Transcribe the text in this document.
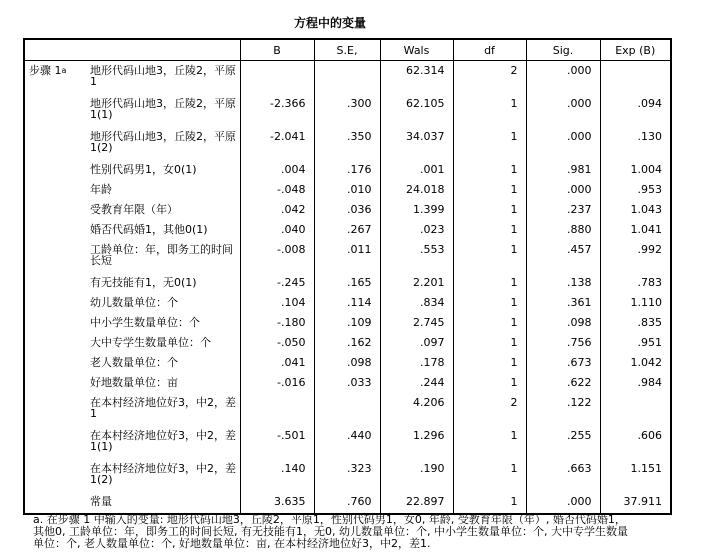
方程中的变量
		B	S.E,	Wals	df	Sig.	Exp (B)
步骤 1$^a$	地形代码山地3，丘陵2，平原1			62.314	2	.000	
	地形代码山地3，丘陵2，平原1(1)	-2.366	.300	62.105	1	.000	.094
	地形代码山地3，丘陵2，平原1(2)	-2.041	.350	34.037	1	.000	.130
	性别代码男1，女0(1)	.004	.176	.001	1	.981	1.004
	年龄	-.048	.010	24.018	1	.000	.953
	受教育年限（年）	.042	.036	1.399	1	.237	1.043
	婚否代码婚1，其他0(1)	.040	.267	.023	1	.880	1.041
	工龄单位：年，即务工的时间长短	-.008	.011	.553	1	.457	.992
	有无技能有1，无0(1)	-.245	.165	2.201	1	.138	.783
	幼儿数量单位：个	.104	.114	.834	1	.361	1.110
	中小学生数量单位：个	-.180	.109	2.745	1	.098	.835
	大中专学生数量单位：个	-.050	.162	.097	1	.756	.951
	老人数量单位：个	.041	.098	.178	1	.673	1.042
	好地数量单位：亩	-.016	.033	.244	1	.622	.984
	在本村经济地位好3，中2，差1			4.206	2	.122	
	在本村经济地位好3，中2，差1(1)	-.501	.440	1.296	1	.255	.606
	在本村经济地位好3，中2，差1(2)	.140	.323	.190	1	.663	1.151
	常量	3.635	.760	22.897	1	.000	37.911
a. 在步骤 1 中输入的变量: 地形代码山地3，丘陵2，平原1，性别代码男1，女0, 年龄, 受教育年限（年）, 婚否代码婚1，其他0, 工龄单位：年，即务工的时间长短, 有无技能有1，无0, 幼儿数量单位：个, 中小学生数量单位：个, 大中专学生数量单位：个, 老人数量单位：个, 好地数量单位：亩, 在本村经济地位好3，中2，差1.
